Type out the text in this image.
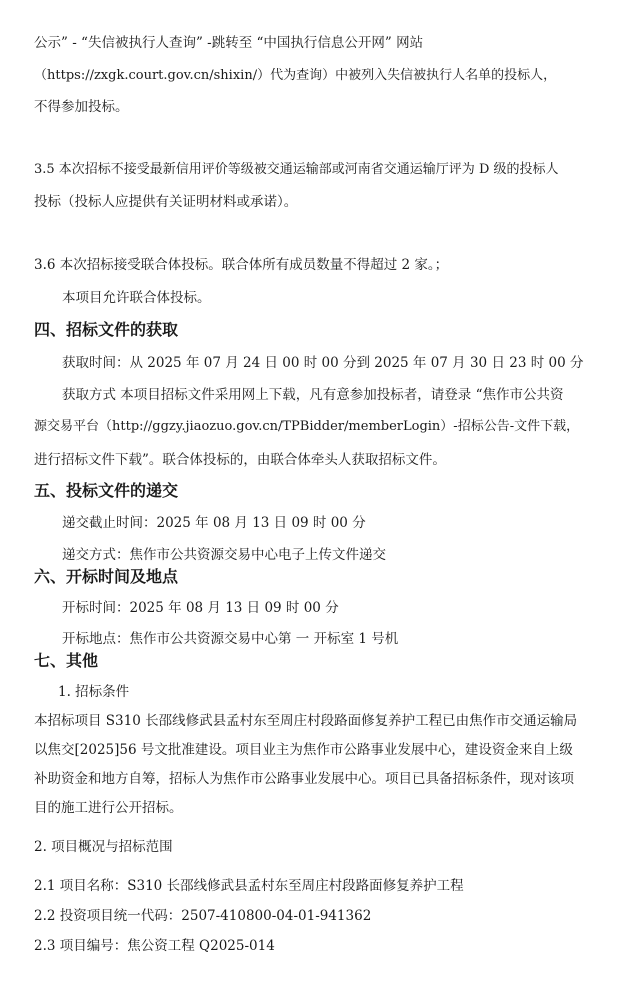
公示” - “失信被执行人查询” -跳转至 “中国执行信息公开网” 网站
（https://zxgk.court.gov.cn/shixin/）代为查询）中被列入失信被执行人名单的投标人，
不得参加投标。
3.5 本次招标不接受最新信用评价等级被交通运输部或河南省交通运输厅评为 D 级的投标人
投标（投标人应提供有关证明材料或承诺）。
3.6 本次招标接受联合体投标。联合体所有成员数量不得超过 2 家。；
本项目允许联合体投标。
四、招标文件的获取
获取时间：从 2025 年 07 月 24 日 00 时 00 分到 2025 年 07 月 30 日 23 时 00 分
获取方式 本项目招标文件采用网上下载，凡有意参加投标者，请登录 “焦作市公共资
源交易平台（http://ggzy.jiaozuo.gov.cn/TPBidder/memberLogin）-招标公告-文件下载，
进行招标文件下载”。联合体投标的，由联合体牵头人获取招标文件。
五、投标文件的递交
递交截止时间：2025 年 08 月 13 日 09 时 00 分
递交方式：焦作市公共资源交易中心电子上传文件递交
六、开标时间及地点
开标时间：2025 年 08 月 13 日 09 时 00 分
开标地点：焦作市公共资源交易中心第 一 开标室 1 号机
七、其他
1. 招标条件
本招标项目 S310 长邵线修武县孟村东至周庄村段路面修复养护工程已由焦作市交通运输局
以焦交[2025]56 号文批准建设。项目业主为焦作市公路事业发展中心，建设资金来自上级
补助资金和地方自筹，招标人为焦作市公路事业发展中心。项目已具备招标条件，现对该项
目的施工进行公开招标。
2. 项目概况与招标范围
2.1 项目名称：S310 长邵线修武县孟村东至周庄村段路面修复养护工程
2.2 投资项目统一代码：2507-410800-04-01-941362
2.3 项目编号：焦公资工程 Q2025-014
